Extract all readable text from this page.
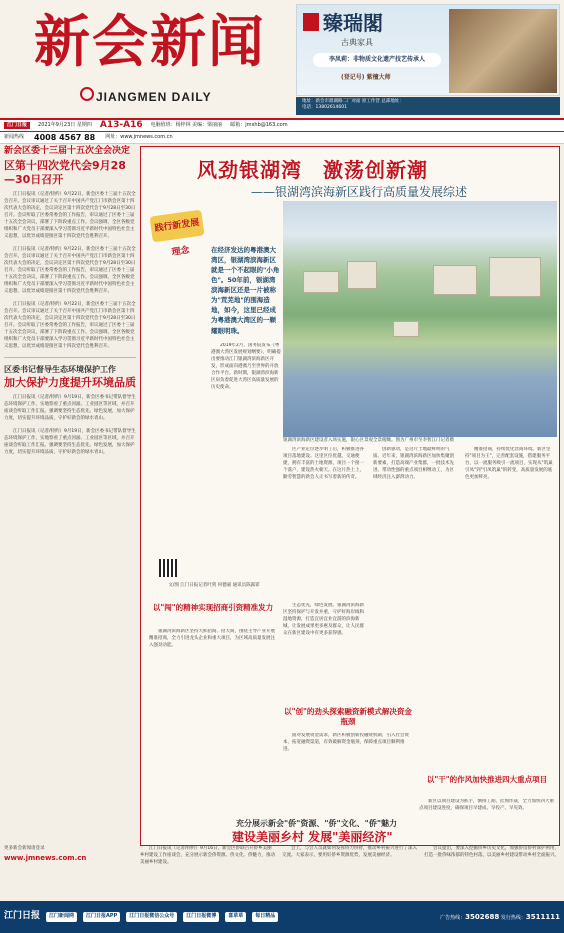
新会新闻
JIANGMEN DAILY
臻瑞閣
古典家具
李凤莉：非物质文化遗产技艺传承人
(登记号) 紫檀大师
地址：新会市鼎湖路二厂对面 原工作营 总部地址：
电话：13802614601
江门日报	2021年9月23日 星期四 A13-A16 电脑值班：杨梓林 美编：梁丽丽 邮箱：jmxhb@163.com
新闻热线 4008 4567 88 网址：www.jmnews.com.cn
新会区委十三届十五次全会决定
区第十四次党代会9月28—30日召开
江门日报讯（记者/特约）9月22日，新会区委十三届十五次全会召开。会议审议通过了关于召开中国共产党江门市新会区第十四次代表大会的决定，会议决定区第十四次党代会于9月28日至30日召开。会议听取了区委常委会的工作报告，审议通过了区委十三届十五次全会决议，部署了下阶段重点工作。会议强调，全区各级党组织和广大党员干部要深入学习贯彻习近平新时代中国特色社会主义思想，以优异成绩迎接区第十四次党代会胜利召开。
江门日报讯（记者/特约）9月22日，新会区委十三届十五次全会召开。会议审议通过了关于召开中国共产党江门市新会区第十四次代表大会的决定，会议决定区第十四次党代会于9月28日至30日召开。会议听取了区委常委会的工作报告，审议通过了区委十三届十五次全会决议，部署了下阶段重点工作。会议强调，全区各级党组织和广大党员干部要深入学习贯彻习近平新时代中国特色社会主义思想，以优异成绩迎接区第十四次党代会胜利召开。
江门日报讯（记者/特约）9月22日，新会区委十三届十五次全会召开。会议审议通过了关于召开中国共产党江门市新会区第十四次代表大会的决定，会议决定区第十四次党代会于9月28日至30日召开。会议听取了区委常委会的工作报告，审议通过了区委十三届十五次全会决议，部署了下阶段重点工作。会议强调，全区各级党组织和广大党员干部要深入学习贯彻习近平新时代中国特色社会主义思想，以优异成绩迎接区第十四次党代会胜利召开。
区委书记督导生态环境保护工作
加大保护力度提升环境品质
江门日报讯（记者/特约）9月19日，新会区委书记带队督导生态环境保护工作，实地察看了重点河涌、工业园区等区域，并召开座谈会听取工作汇报。强调要坚持生态优先、绿色发展，加大保护力度，切实提升环境品质，守护好新会的绿水青山。
江门日报讯（记者/特约）9月19日，新会区委书记带队督导生态环境保护工作，实地察看了重点河涌、工业园区等区域，并召开座谈会听取工作汇报。强调要坚持生态优先、绿色发展，加大保护力度，切实提升环境品质，守护好新会的绿水青山。
风劲银湖湾　激荡创新潮
——银湖湾滨海新区践行高质量发展综述
践行新发展理念
银湖湾滨海新区建设者入场实施，银心区景观全景俯瞰。图为广州市至李智江门记者摄
在经济发达的粤港澳大湾区，银湖湾滨海新区就是一个不起眼的"小角色"。50年前，银湖湾滨海新区还是一片被称为"荒芜地"的围海造地，如今，这里已经成为粤港澳大湾区的一颗耀眼明珠。
2019年2月，国务院发布《粤港澳大湾区发展规划纲要》，明确提出要推动江门银湖湾滨海新区开发，形成面向港澳乃至世界的开放合作平台。新时期，银湖湾滨海新区肩负着促进大湾区高质量发展的历史使命。
文/图 江门日报记者叶剑 何德嘉 通讯员陈露霏
区产业定位逐步明了后，积极推进各项目落地建设。这里区位优越，交通便捷，拥有丰富的土地资源，项目一个接一个落户，建设热火朝天。在这片热土上，勤劳智慧的新会人正书写着新的传奇。
创新驱动，是这片土地最鲜明的气质。近年来，银湖湾滨海新区加快集聚创新要素，打造高端产业集群，一批技术先进、带动性强的重点项目相继动工，为区域经济注入澎湃动力。
精准招商，持续优化营商环境。新区坚持"项目为王"，完善配套设施，搭建服务平台，以一流服务吸引一流项目，实现从"筑巢引凤"到"引凤筑巢"的转变，高质量发展的底色更加鲜亮。
以"闯"的精神实现招商引资精准发力
银湖湾滨海新区坚持大抓招商、招大商，围绕主导产业开展精准招商，全力引进龙头企业和重大项目，为区域高质量发展注入强劲动能。
以"创"的劲头探索融资新模式解决资金瓶颈
面对发展资金需求，新区积极创新投融资机制，引入社会资本，拓宽融资渠道，有效破解资金瓶颈，保障重点项目顺利推进。
生态优先，绿色发展。银湖湾滨海新区坚持保护与开发并重，守护好海岸线和湿地资源，打造宜居宜业宜游的滨海新城，让发展成果更多惠及群众，让人民群众在新区建设中有更多获得感。
以"干"的作风加快推进四大重点项目
新区以项目建设为抓手，倒排工期、挂图作战，全力加快四大重点项目建设进度，确保项目早建成、早投产、早见效。
充分展示新会"侨"资源、"侨"文化、"侨"魅力
建设美丽乡村 发展"美丽经济"
江门日报讯（记者/特约）9月16日，新会区侨联召开侨乡美丽乡村建设工作座谈会，充分展示新会侨资源、侨文化、侨魅力，推动美丽乡村建设。
会上，与会人员就如何发挥侨力侨智，推动乡村振兴进行了深入交流。大家表示，要用好侨乡资源优势，发展美丽经济。
会议提出，要深入挖掘侨乡历史文化，加强侨房侨村保护利用，打造一批侨味浓郁的特色村落，以美丽乡村建设带动乡村全面振兴。
更多新会新闻请登录
www.jmnews.com.cn
江门日报	江门新闻网	江门日报APP	江门日报微信公众号	江门日报微博	喜草草	每日精品	广告热线：3502688 发行热线：3511111
